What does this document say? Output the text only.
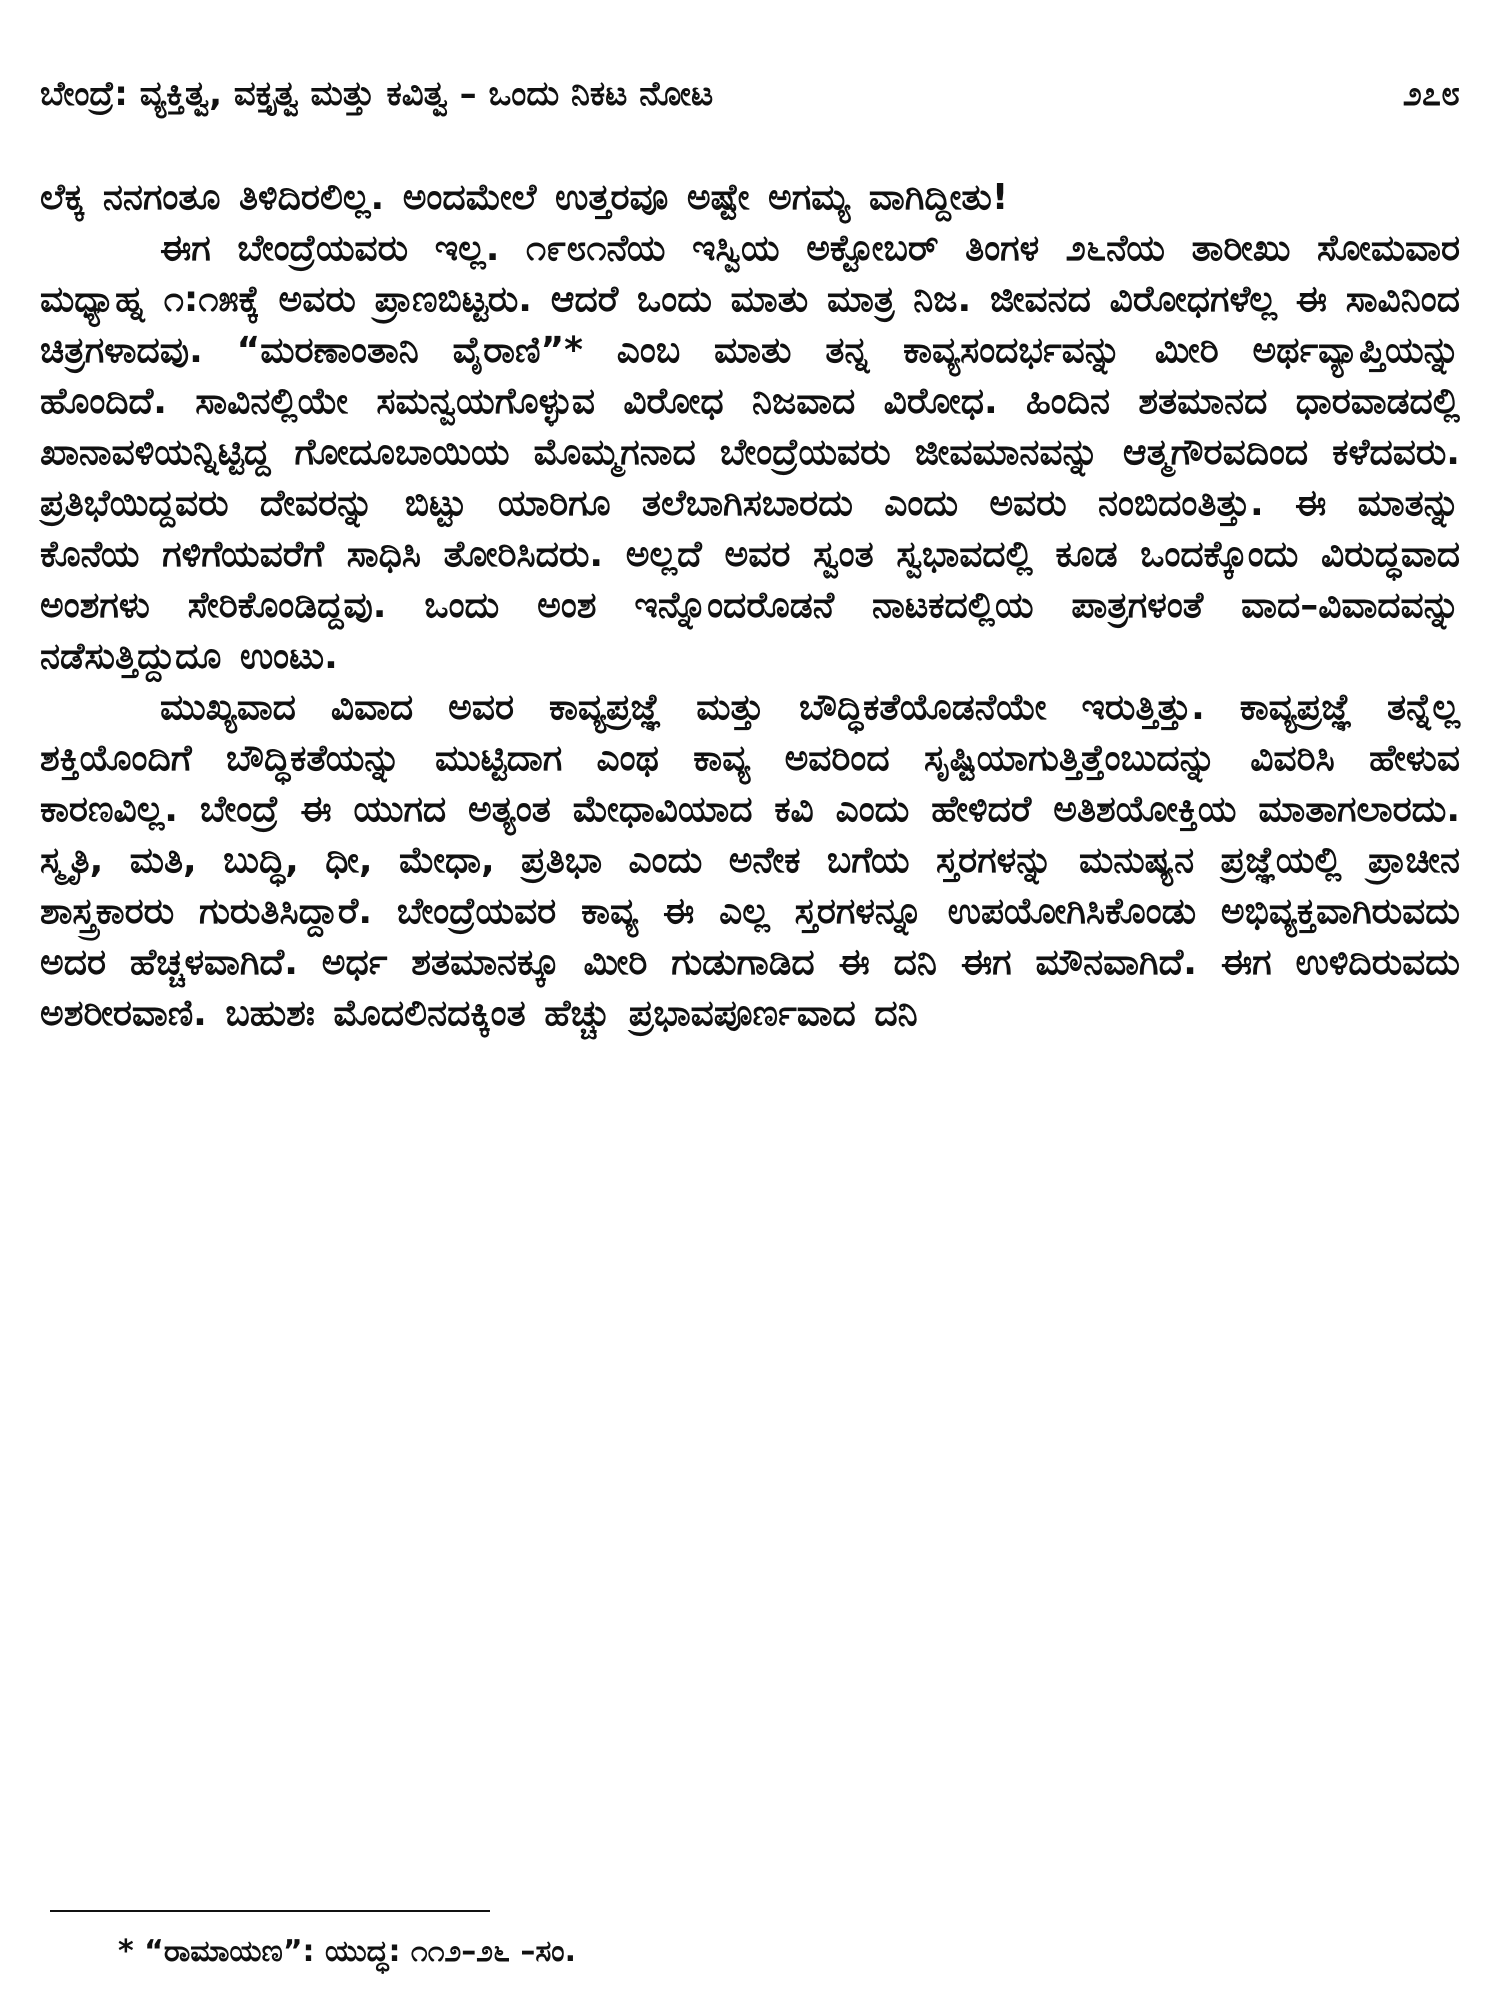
ಬೇಂದ್ರೆ: ವ್ಯಕ್ತಿತ್ವ, ವಕ್ತೃತ್ವ ಮತ್ತು ಕವಿತ್ವ – ಒಂದು ನಿಕಟ ನೋಟ	೨೭೮

ಲೆಕ್ಕ ನನಗಂತೂ ತಿಳಿದಿರಲಿಲ್ಲ. ಅಂದಮೇಲೆ ಉತ್ತರವೂ ಅಷ್ಟೇ ಅಗಮ್ಯ ವಾಗಿದ್ದೀತು!

ಈಗ ಬೇಂದ್ರೆಯವರು ಇಲ್ಲ. ೧೯೮೧ನೆಯ ಇಸ್ವಿಯ ಅಕ್ಟೋಬರ್ ತಿಂಗಳ ೨೬ನೆಯ ತಾರೀಖು ಸೋಮವಾರ ಮಧ್ಯಾಹ್ನ ೧:೧೫ಕ್ಕೆ ಅವರು ಪ್ರಾಣಬಿಟ್ಟರು. ಆದರೆ ಒಂದು ಮಾತು ಮಾತ್ರ ನಿಜ. ಜೀವನದ ವಿರೋಧಗಳೆಲ್ಲ ಈ ಸಾವಿನಿಂದ ಚಿತ್ರಗಳಾದವು. “ಮರಣಾಂತಾನಿ ವೈರಾಣಿ”* ಎಂಬ ಮಾತು ತನ್ನ ಕಾವ್ಯಸಂದರ್ಭವನ್ನು ಮೀರಿ ಅರ್ಥವ್ಯಾಪ್ತಿಯನ್ನು ಹೊಂದಿದೆ. ಸಾವಿನಲ್ಲಿಯೇ ಸಮನ್ವಯಗೊಳ್ಳುವ ವಿರೋಧ ನಿಜವಾದ ವಿರೋಧ. ಹಿಂದಿನ ಶತಮಾನದ ಧಾರವಾಡದಲ್ಲಿ ಖಾನಾವಳಿಯನ್ನಿಟ್ಟಿದ್ದ ಗೋದೂಬಾಯಿಯ ಮೊಮ್ಮಗನಾದ ಬೇಂದ್ರೆಯವರು ಜೀವಮಾನವನ್ನು ಆತ್ಮಗೌರವದಿಂದ ಕಳೆದವರು. ಪ್ರತಿಭೆಯಿದ್ದವರು ದೇವರನ್ನು ಬಿಟ್ಟು ಯಾರಿಗೂ ತಲೆಬಾಗಿಸಬಾರದು ಎಂದು ಅವರು ನಂಬಿದಂತಿತ್ತು. ಈ ಮಾತನ್ನು ಕೊನೆಯ ಗಳಿಗೆಯವರೆಗೆ ಸಾಧಿಸಿ ತೋರಿಸಿದರು. ಅಲ್ಲದೆ ಅವರ ಸ್ವಂತ ಸ್ವಭಾವದಲ್ಲಿ ಕೂಡ ಒಂದಕ್ಕೊಂದು ವಿರುದ್ಧವಾದ ಅಂಶಗಳು ಸೇರಿಕೊಂಡಿದ್ದವು. ಒಂದು ಅಂಶ ಇನ್ನೊಂದರೊಡನೆ ನಾಟಕದಲ್ಲಿಯ ಪಾತ್ರಗಳಂತೆ ವಾದ–ವಿವಾದವನ್ನು ನಡೆಸುತ್ತಿದ್ದುದೂ ಉಂಟು.

ಮುಖ್ಯವಾದ ವಿವಾದ ಅವರ ಕಾವ್ಯಪ್ರಜ್ಞೆ ಮತ್ತು ಬೌದ್ಧಿಕತೆಯೊಡನೆಯೇ ಇರುತ್ತಿತ್ತು. ಕಾವ್ಯಪ್ರಜ್ಞೆ ತನ್ನೆಲ್ಲ ಶಕ್ತಿಯೊಂದಿಗೆ ಬೌದ್ಧಿಕತೆಯನ್ನು ಮುಟ್ಟಿದಾಗ ಎಂಥ ಕಾವ್ಯ ಅವರಿಂದ ಸೃಷ್ಟಿಯಾಗುತ್ತಿತ್ತೆಂಬುದನ್ನು ವಿವರಿಸಿ ಹೇಳುವ ಕಾರಣವಿಲ್ಲ. ಬೇಂದ್ರೆ ಈ ಯುಗದ ಅತ್ಯಂತ ಮೇಧಾವಿಯಾದ ಕವಿ ಎಂದು ಹೇಳಿದರೆ ಅತಿಶಯೋಕ್ತಿಯ ಮಾತಾಗಲಾರದು. ಸ್ಮೃತಿ, ಮತಿ, ಬುದ್ಧಿ, ಧೀ, ಮೇಧಾ, ಪ್ರತಿಭಾ ಎಂದು ಅನೇಕ ಬಗೆಯ ಸ್ತರಗಳನ್ನು ಮನುಷ್ಯನ ಪ್ರಜ್ಞೆಯಲ್ಲಿ ಪ್ರಾಚೀನ ಶಾಸ್ತ್ರಕಾರರು ಗುರುತಿಸಿದ್ದಾರೆ. ಬೇಂದ್ರೆಯವರ ಕಾವ್ಯ ಈ ಎಲ್ಲ ಸ್ತರಗಳನ್ನೂ ಉಪಯೋಗಿಸಿಕೊಂಡು ಅಭಿವ್ಯಕ್ತವಾಗಿರುವದು ಅದರ ಹೆಚ್ಚಳವಾಗಿದೆ. ಅರ್ಧ ಶತಮಾನಕ್ಕೂ ಮೀರಿ ಗುಡುಗಾಡಿದ ಈ ದನಿ ಈಗ ಮೌನವಾಗಿದೆ. ಈಗ ಉಳಿದಿರುವದು ಅಶರೀರವಾಣಿ. ಬಹುಶಃ ಮೊದಲಿನದಕ್ಕಿಂತ ಹೆಚ್ಚು ಪ್ರಭಾವಪೂರ್ಣವಾದ ದನಿ

* “ರಾಮಾಯಣ”: ಯುದ್ಧ: ೧೧೨–೨೬ –ಸಂ.
